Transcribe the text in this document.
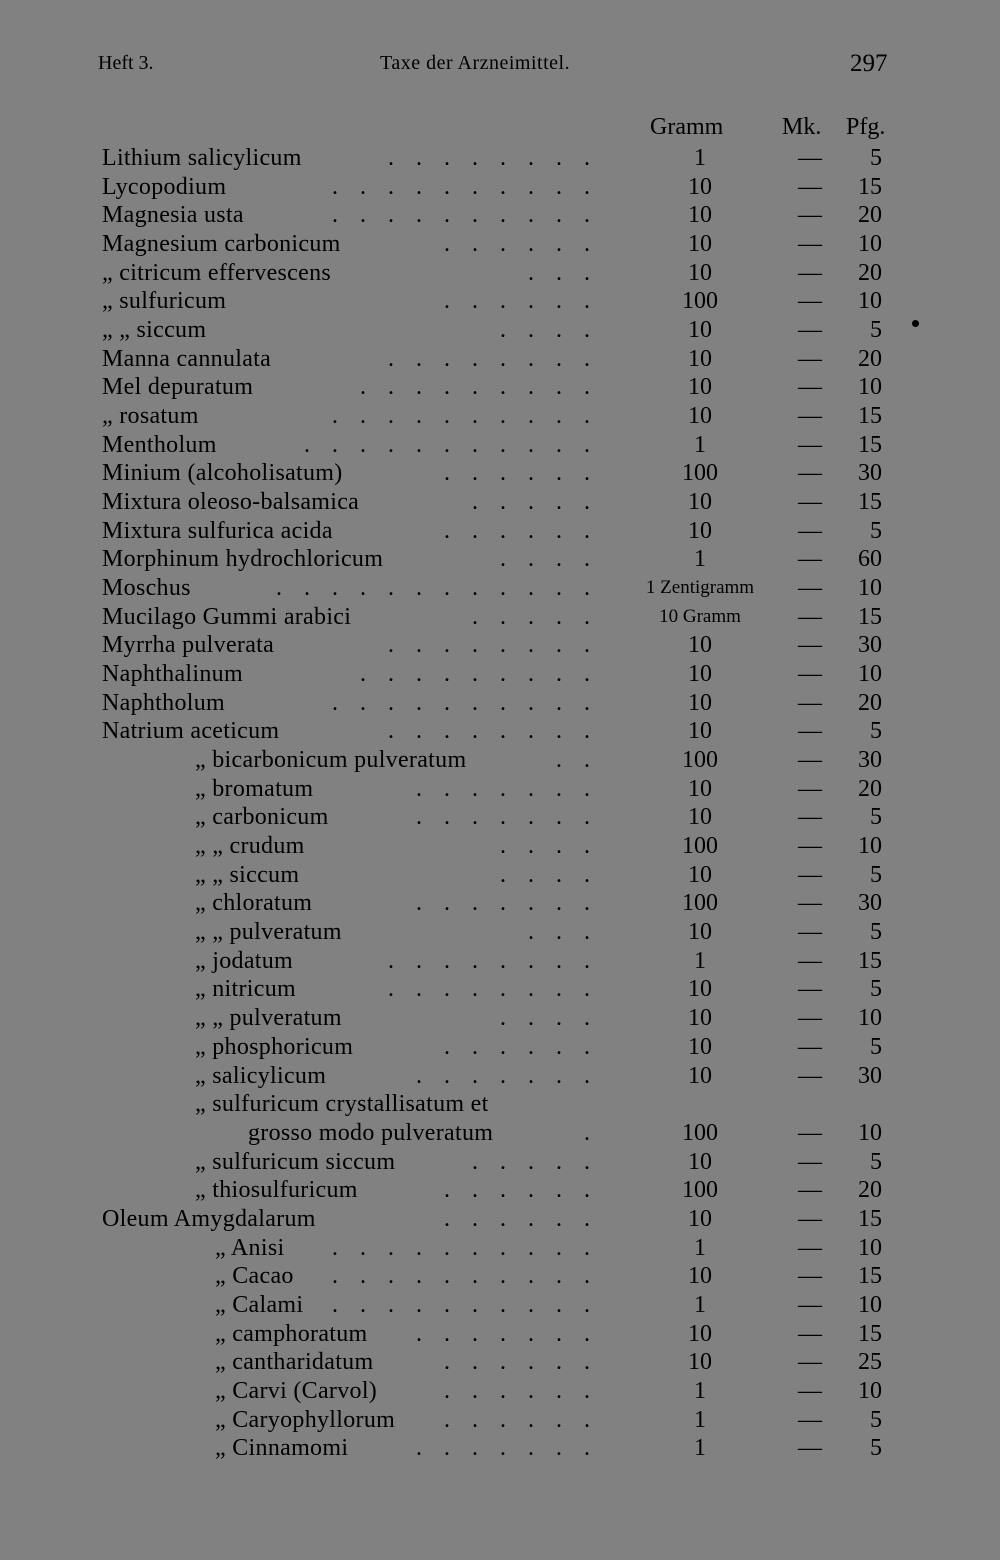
Heft 3.	Taxe der Arzneimittel.	297
Gramm Mk. Pfg.
Lithium salicylicum	. . . . . . . .	1	—	5
Lycopodium	. . . . . . . . . .	10	—	15
Magnesia usta	. . . . . . . . . .	10	—	20
Magnesium carbonicum	. . . . . .	10	—	10
„ citricum effervescens	. . .	10	—	20
„ sulfuricum	. . . . . .	100	—	10
„ „ siccum	. . . .	10	—	5
Manna cannulata	. . . . . . . .	10	—	20
Mel depuratum	. . . . . . . . .	10	—	10
„ rosatum	. . . . . . . . . .	10	—	15
Mentholum	. . . . . . . . . . .	1	—	15
Minium (alcoholisatum)	. . . . . .	100	—	30
Mixtura oleoso-balsamica	. . . . .	10	—	15
Mixtura sulfurica acida	. . . . . .	10	—	5
Morphinum hydrochloricum	. . . .	1	—	60
Moschus	. . . . . . . . . . . .	1 Zentigramm	—	10
Mucilago Gummi arabici	. . . . .	10 Gramm	—	15
Myrrha pulverata	. . . . . . . .	10	—	30
Naphthalinum	. . . . . . . . .	10	—	10
Naphtholum	. . . . . . . . . .	10	—	20
Natrium aceticum	. . . . . . . .	10	—	5
„ bicarbonicum pulveratum	. .	100	—	30
„ bromatum	. . . . . . .	10	—	20
„ carbonicum	. . . . . . .	10	—	5
„ „ crudum	. . . .	100	—	10
„ „ siccum	. . . .	10	—	5
„ chloratum	. . . . . . .	100	—	30
„ „ pulveratum	. . .	10	—	5
„ jodatum	. . . . . . . .	1	—	15
„ nitricum	. . . . . . . .	10	—	5
„ „ pulveratum	. . . .	10	—	10
„ phosphoricum	. . . . . .	10	—	5
„ salicylicum	. . . . . . .	10	—	30
„ sulfuricum crystallisatum et
grosso modo pulveratum	.	100	—	10
„ sulfuricum siccum	. . . . .	10	—	5
„ thiosulfuricum	. . . . . .	100	—	20
Oleum Amygdalarum	. . . . . .	10	—	15
„ Anisi . . . . . . . . . .	1	—	10
„ Cacao . . . . . . . . . .	10	—	15
„ Calami . . . . . . . . . .	1	—	10
„ camphoratum . . . . . . .	10	—	15
„ cantharidatum	. . . . . .	10	—	25
„ Carvi (Carvol)	. . . . . .	1	—	10
„ Caryophyllorum . . . . . .	1	—	5
„ Cinnamomi	. . . . . . .	1	—	5
